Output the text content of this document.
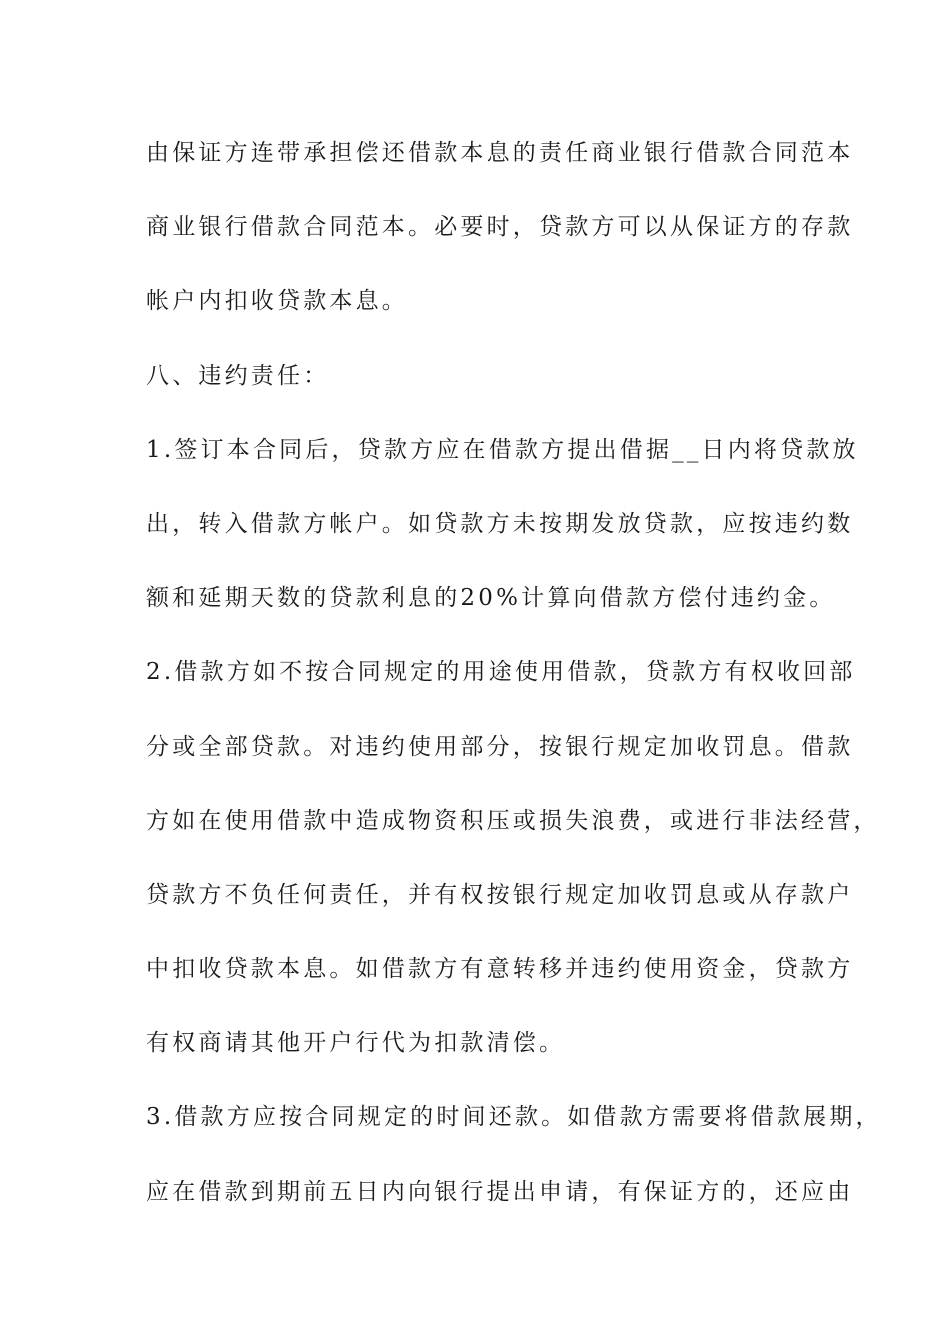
由保证方连带承担偿还借款本息的责任商业银行借款合同范本
商业银行借款合同范本。必要时，贷款方可以从保证方的存款
帐户内扣收贷款本息。
八、违约责任：
1.签订本合同后，贷款方应在借款方提出借据__日内将贷款放
出，转入借款方帐户。如贷款方未按期发放贷款，应按违约数
额和延期天数的贷款利息的20%计算向借款方偿付违约金。
2.借款方如不按合同规定的用途使用借款，贷款方有权收回部
分或全部贷款。对违约使用部分，按银行规定加收罚息。借款
方如在使用借款中造成物资积压或损失浪费，或进行非法经营，
贷款方不负任何责任，并有权按银行规定加收罚息或从存款户
中扣收贷款本息。如借款方有意转移并违约使用资金，贷款方
有权商请其他开户行代为扣款清偿。
3.借款方应按合同规定的时间还款。如借款方需要将借款展期，
应在借款到期前五日内向银行提出申请，有保证方的，还应由
